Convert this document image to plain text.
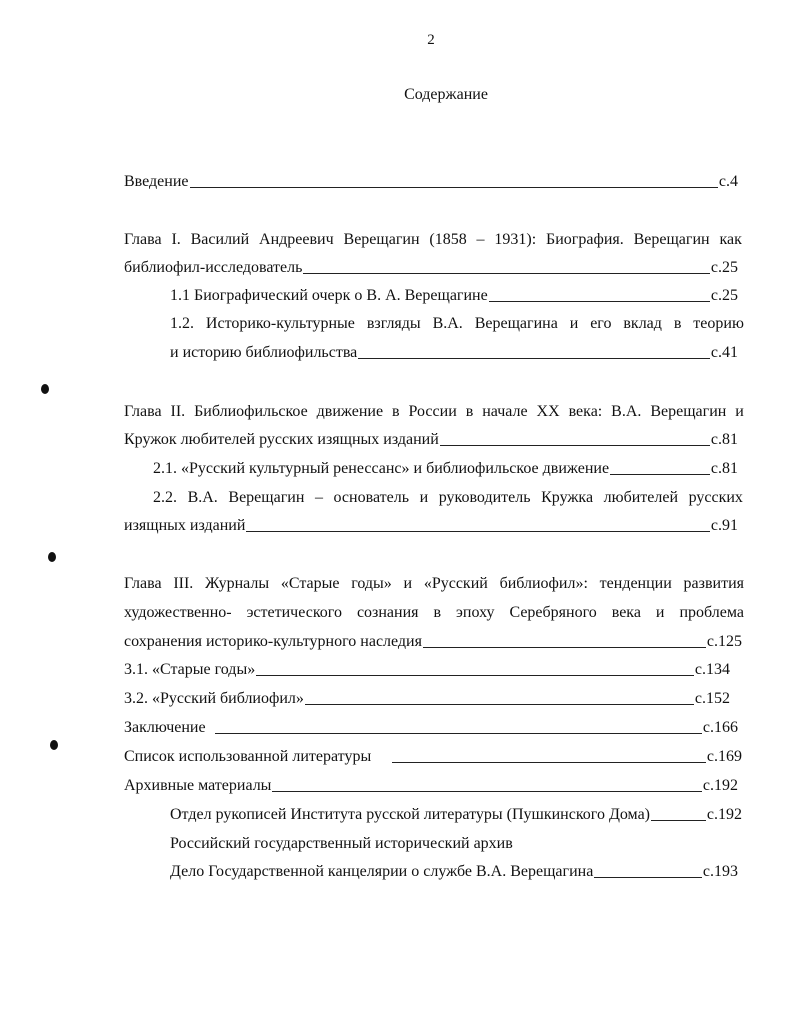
2
Содержание
Введение	с.4
Глава I. Василий Андреевич Верещагин (1858 – 1931): Биография. Верещагин как
библиофил-исследователь	с.25
1.1 Биографический очерк о В. А. Верещагине	с.25
1.2. Историко-культурные взгляды В.А. Верещагина и его вклад в теорию
и историю библиофильства	с.41
Глава II. Библиофильское движение в России в начале XX века: В.А. Верещагин и
Кружок любителей русских изящных изданий	с.81
2.1. «Русский культурный ренессанс» и библиофильское движение	с.81
2.2. В.А. Верещагин – основатель и руководитель Кружка любителей русских
изящных изданий	с.91
Глава III. Журналы «Старые годы» и «Русский библиофил»: тенденции развития
художественно- эстетического сознания в эпоху Серебряного века и проблема
сохранения историко-культурного наследия	с.125
3.1. «Старые годы»	с.134
3.2. «Русский библиофил»	с.152
Заключение	с.166
Список использованной литературы	с.169
Архивные материалы	с.192
Отдел рукописей Института русской литературы (Пушкинского Дома)	с.192
Российский государственный исторический архив
Дело Государственной канцелярии о службе В.А. Верещагина	с.193
